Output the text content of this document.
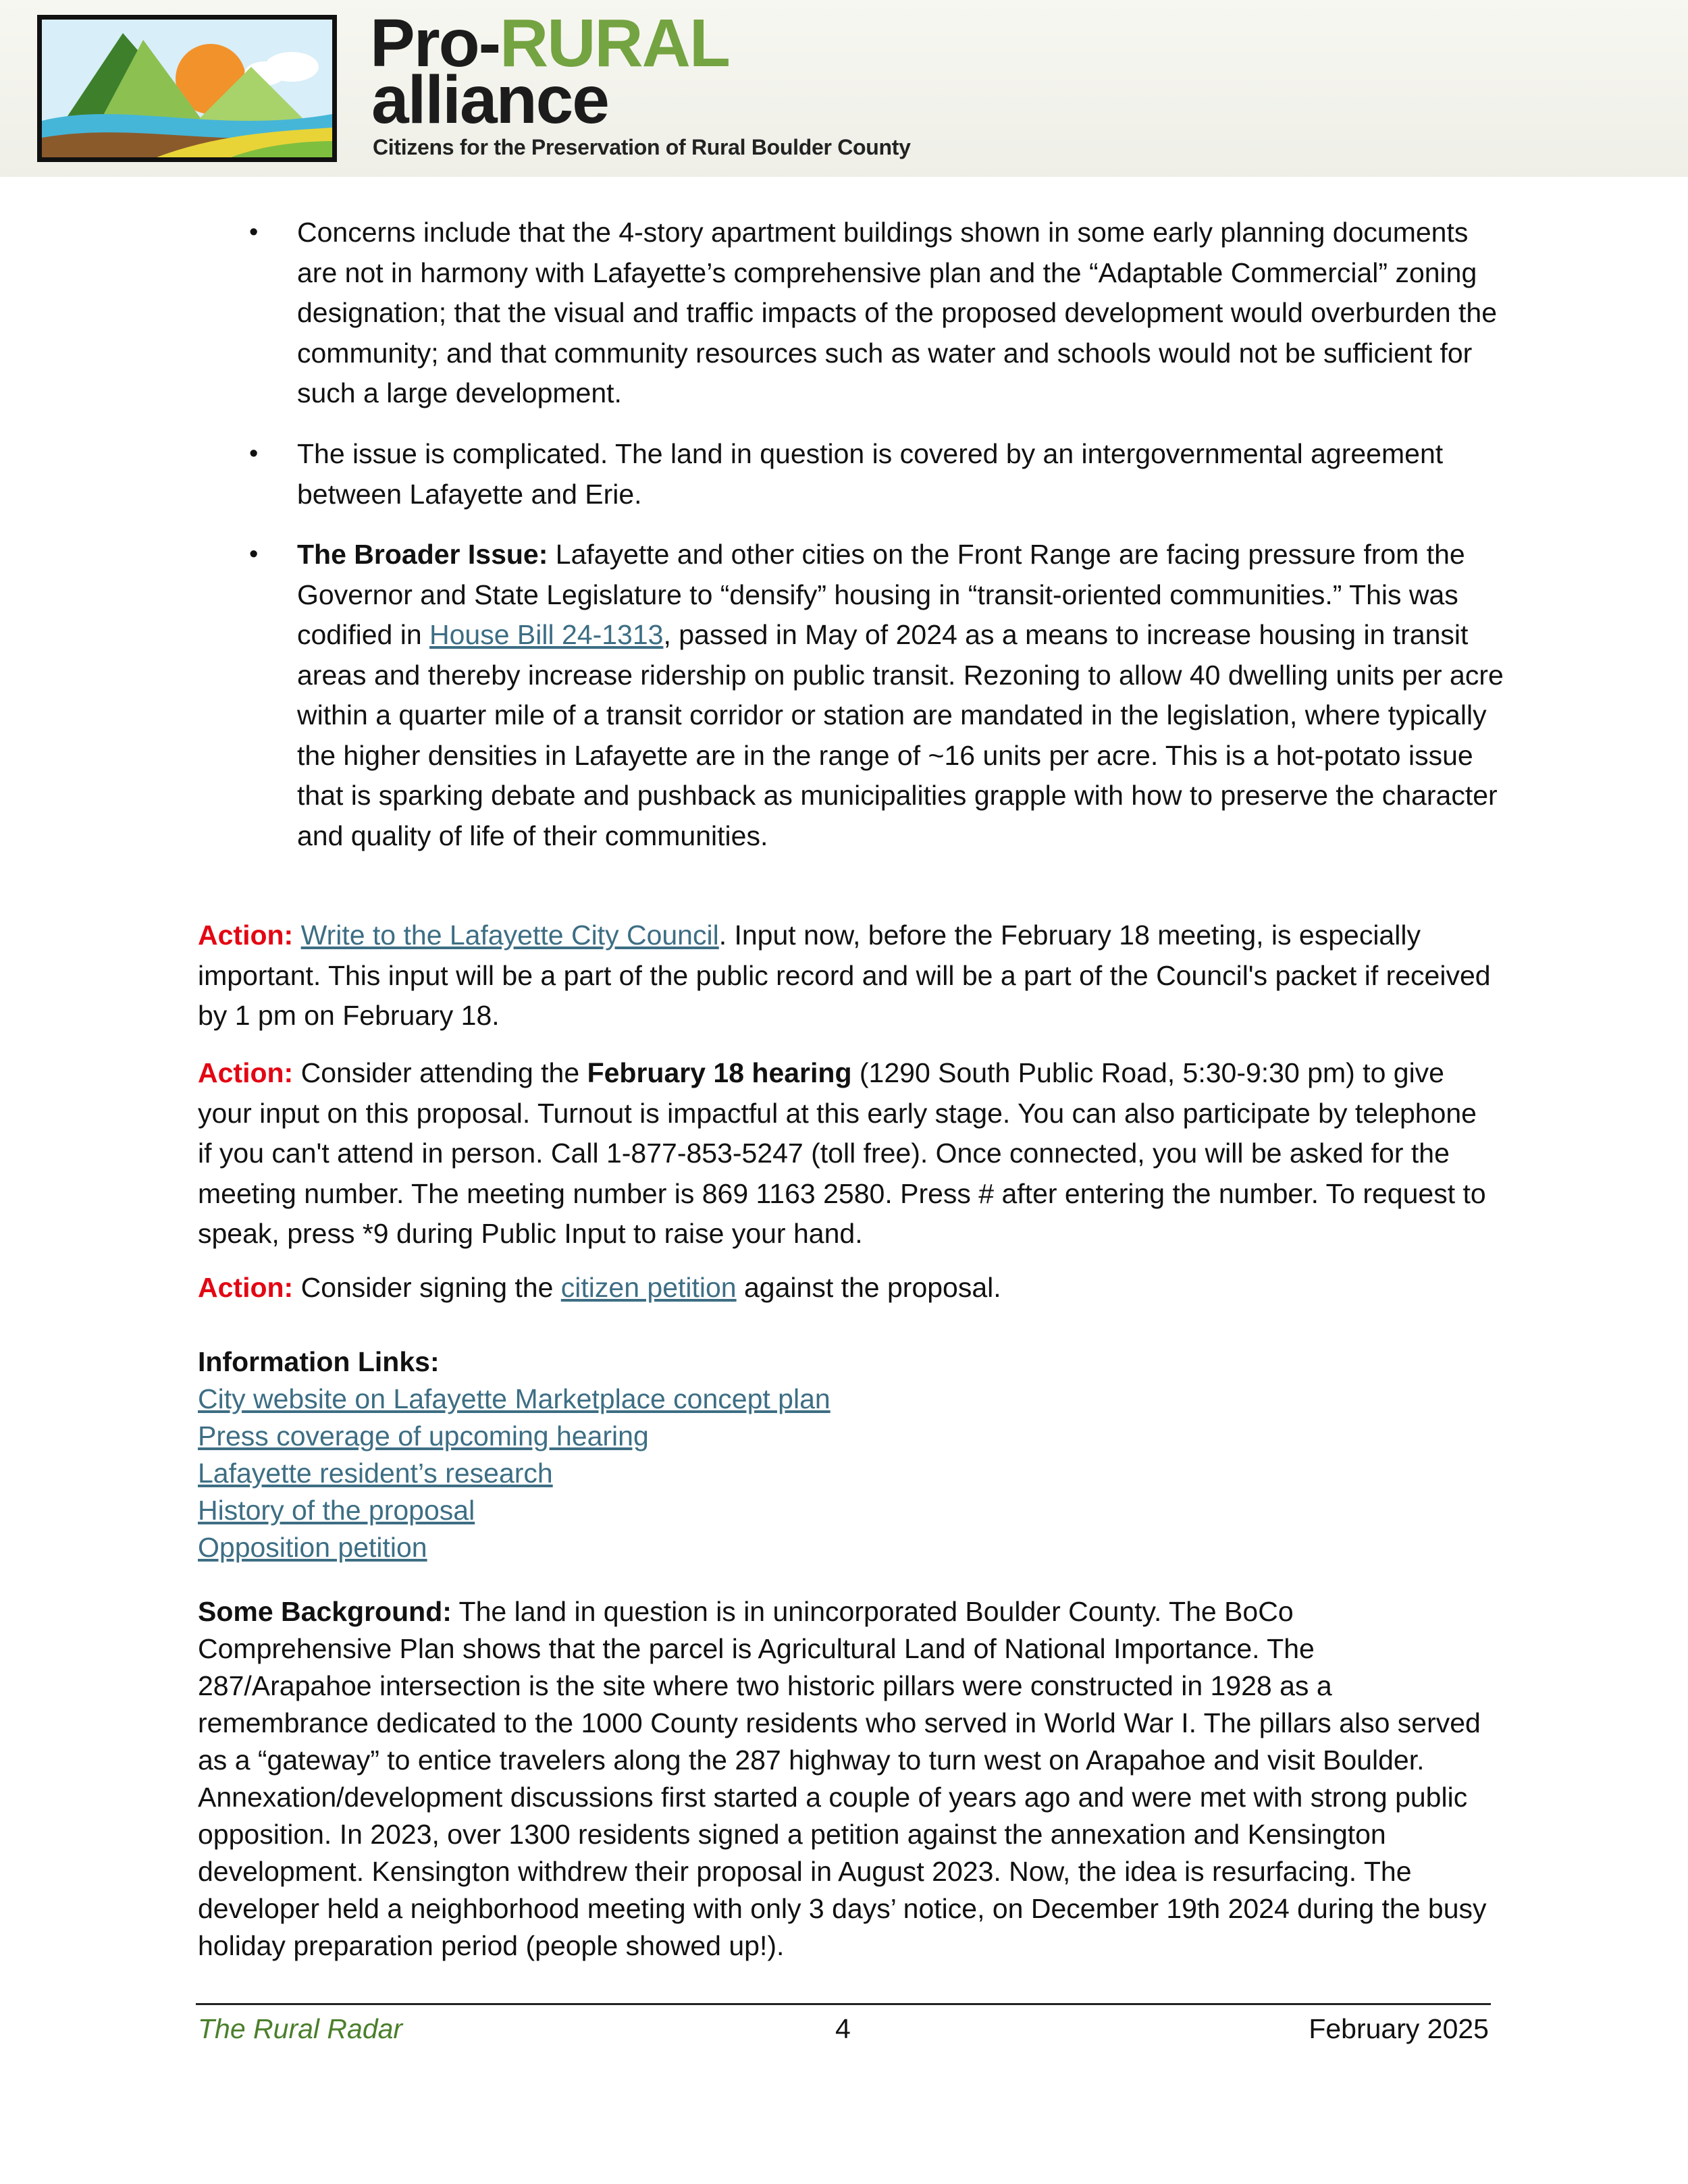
Pro-RURAL
alliance
Citizens for the Preservation of Rural Boulder County
•	Concerns include that the 4-story apartment buildings shown in some early planning documents are not in harmony with Lafayette’s comprehensive plan and the “Adaptable Commercial” zoning designation; that the visual and traffic impacts of the proposed development would overburden the community; and that community resources such as water and schools would not be sufficient for such a large development.
•	The issue is complicated. The land in question is covered by an intergovernmental agreement between Lafayette and Erie.
•	The Broader Issue: Lafayette and other cities on the Front Range are facing pressure from the Governor and State Legislature to “densify” housing in “transit-oriented communities.” This was codified in House Bill 24-1313, passed in May of 2024 as a means to increase housing in transit areas and thereby increase ridership on public transit. Rezoning to allow 40 dwelling units per acre within a quarter mile of a transit corridor or station are mandated in the legislation, where typically the higher densities in Lafayette are in the range of ~16 units per acre. This is a hot-potato issue that is sparking debate and pushback as municipalities grapple with how to preserve the character and quality of life of their communities.
Action: Write to the Lafayette City Council. Input now, before the February 18 meeting, is especially important. This input will be a part of the public record and will be a part of the Council's packet if received by 1 pm on February 18.
Action: Consider attending the February 18 hearing (1290 South Public Road, 5:30-9:30 pm) to give your input on this proposal. Turnout is impactful at this early stage. You can also participate by telephone if you can't attend in person. Call 1-877-853-5247 (toll free). Once connected, you will be asked for the meeting number. The meeting number is 869 1163 2580. Press # after entering the number. To request to speak, press *9 during Public Input to raise your hand.
Action: Consider signing the citizen petition against the proposal.
Information Links:
City website on Lafayette Marketplace concept plan
Press coverage of upcoming hearing
Lafayette resident’s research
History of the proposal
Opposition petition
Some Background: The land in question is in unincorporated Boulder County. The BoCo Comprehensive Plan shows that the parcel is Agricultural Land of National Importance. The 287/Arapahoe intersection is the site where two historic pillars were constructed in 1928 as a remembrance dedicated to the 1000 County residents who served in World War I. The pillars also served as a “gateway” to entice travelers along the 287 highway to turn west on Arapahoe and visit Boulder. Annexation/development discussions first started a couple of years ago and were met with strong public opposition. In 2023, over 1300 residents signed a petition against the annexation and Kensington development. Kensington withdrew their proposal in August 2023. Now, the idea is resurfacing. The developer held a neighborhood meeting with only 3 days’ notice, on December 19th 2024 during the busy holiday preparation period (people showed up!).
The Rural Radar	4	February 2025
